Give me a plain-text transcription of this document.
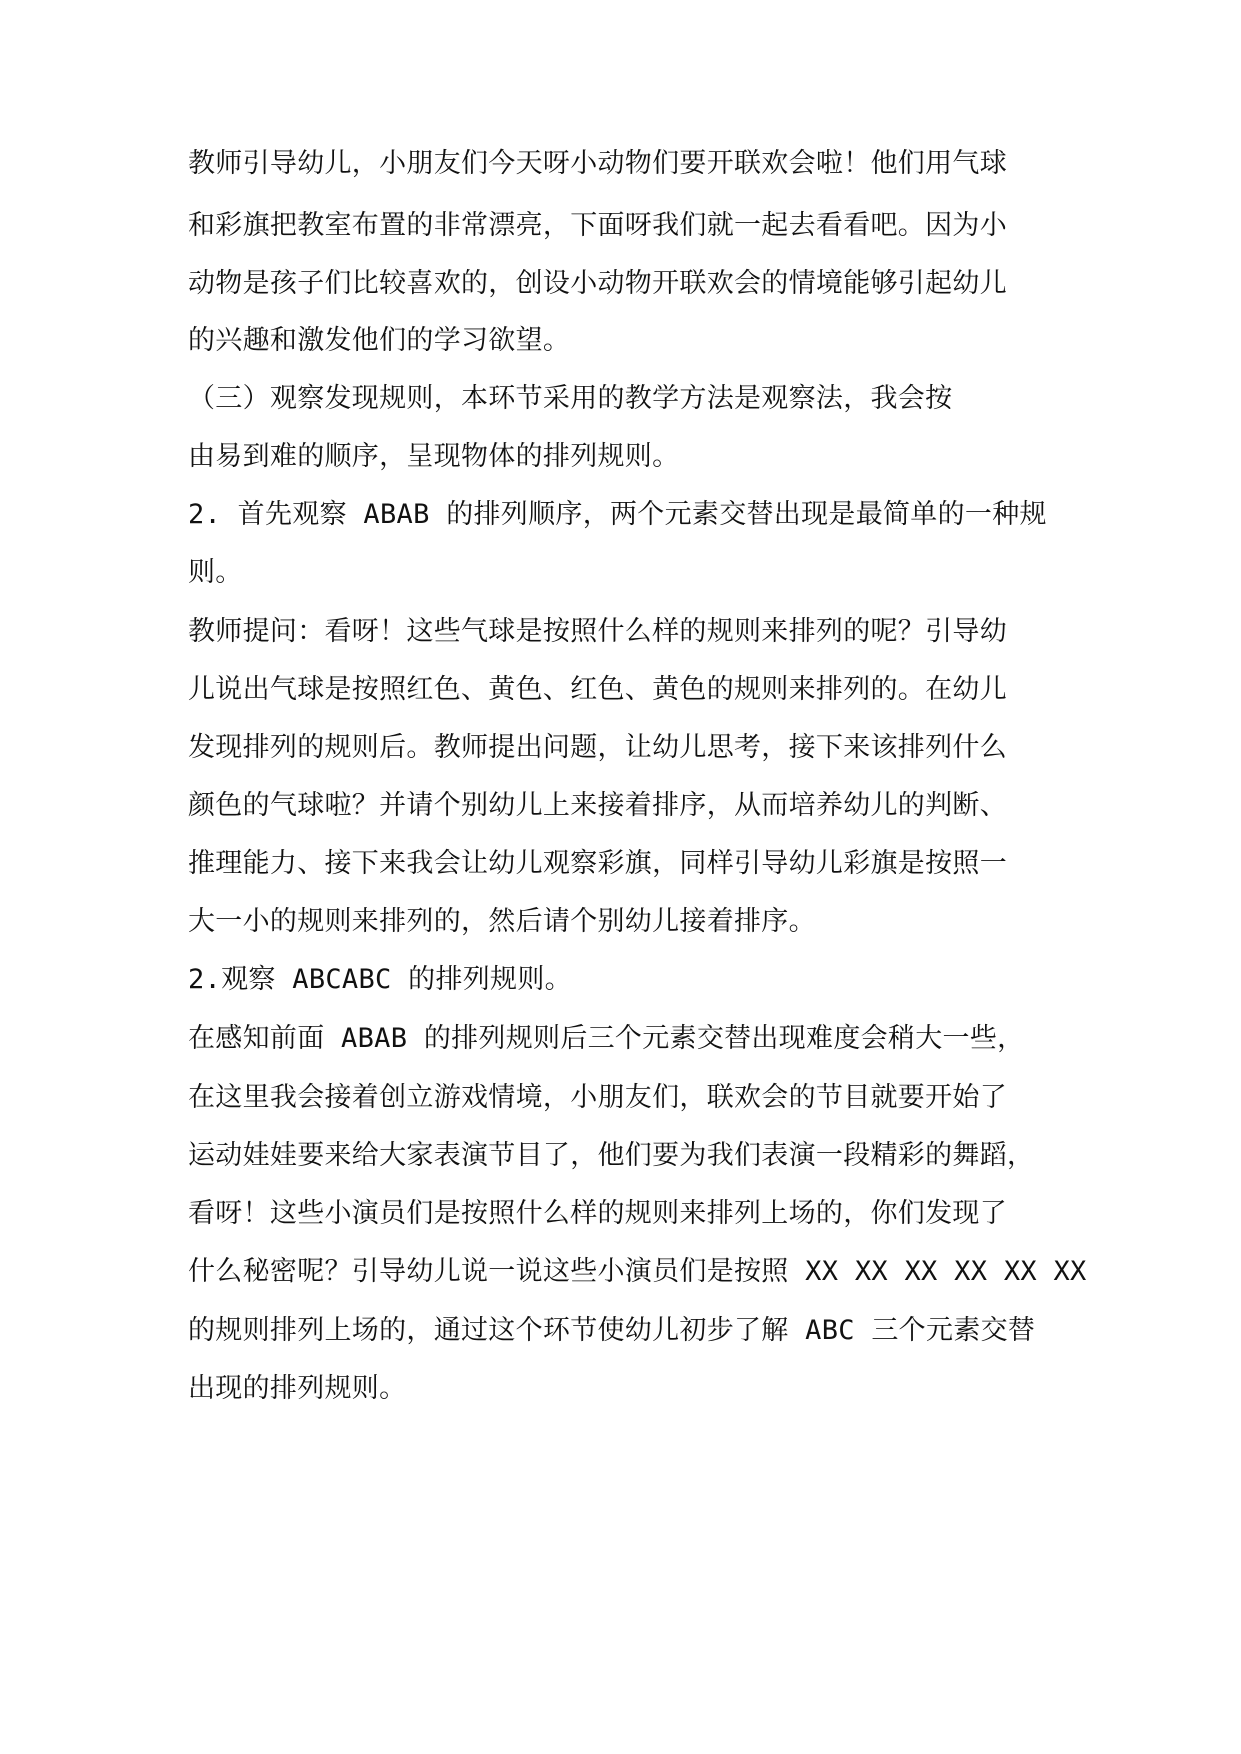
教师引导幼儿，小朋友们今天呀小动物们要开联欢会啦！他们用气球

和彩旗把教室布置的非常漂亮，下面呀我们就一起去看看吧。因为小

动物是孩子们比较喜欢的，创设小动物开联欢会的情境能够引起幼儿

的兴趣和激发他们的学习欲望。

（三）观察发现规则，本环节采用的教学方法是观察法，我会按

由易到难的顺序，呈现物体的排列规则。

2. 首先观察 ABAB 的排列顺序，两个元素交替出现是最简单的一种规

则。

教师提问：看呀！这些气球是按照什么样的规则来排列的呢？引导幼

儿说出气球是按照红色、黄色、红色、黄色的规则来排列的。在幼儿

发现排列的规则后。教师提出问题，让幼儿思考，接下来该排列什么

颜色的气球啦？并请个别幼儿上来接着排序，从而培养幼儿的判断、

推理能力、接下来我会让幼儿观察彩旗，同样引导幼儿彩旗是按照一

大一小的规则来排列的，然后请个别幼儿接着排序。

2.观察 ABCABC 的排列规则。

在感知前面 ABAB 的排列规则后三个元素交替出现难度会稍大一些，

在这里我会接着创立游戏情境，小朋友们，联欢会的节目就要开始了

运动娃娃要来给大家表演节目了，他们要为我们表演一段精彩的舞蹈，

看呀！这些小演员们是按照什么样的规则来排列上场的，你们发现了

什么秘密呢？引导幼儿说一说这些小演员们是按照 XX XX XX XX XX XX

的规则排列上场的，通过这个环节使幼儿初步了解 ABC 三个元素交替

出现的排列规则。
